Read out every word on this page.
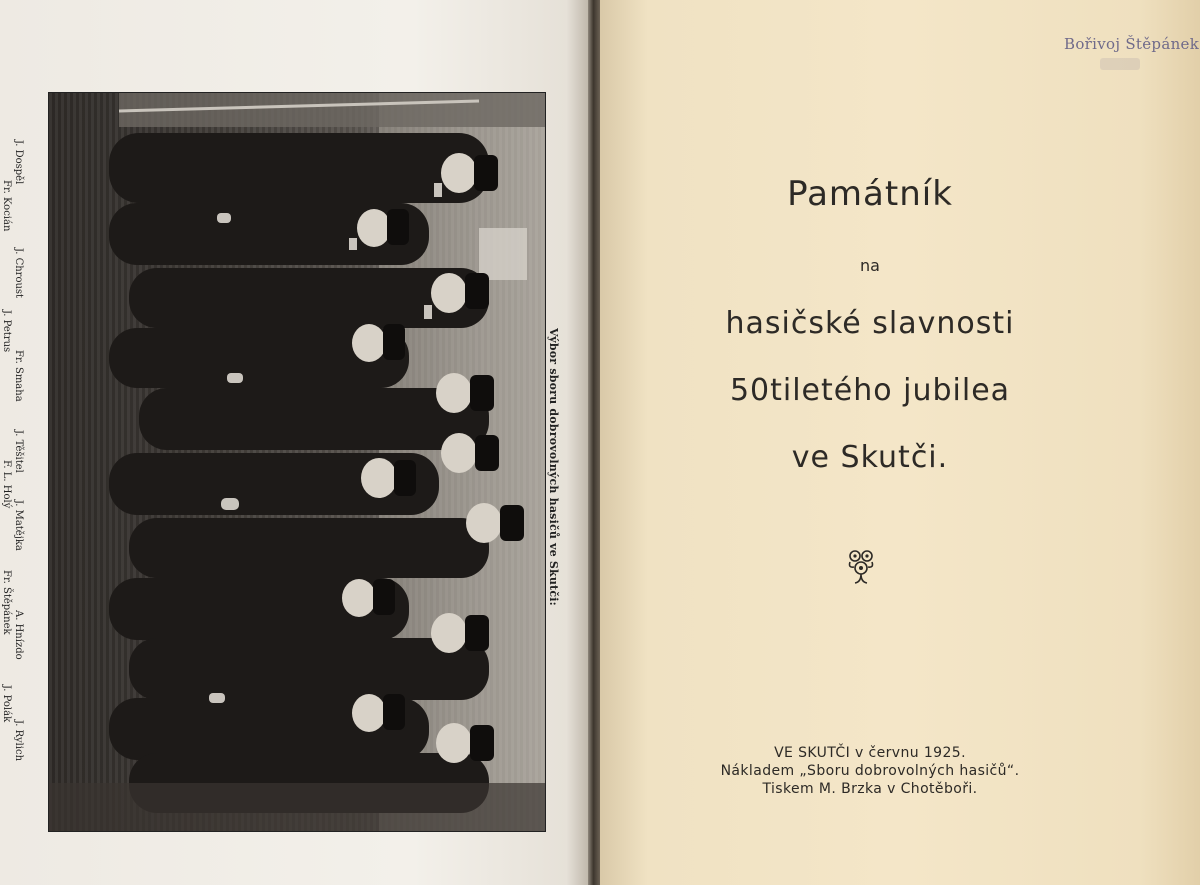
J. Dospěl
J. Chroust
Fr. Smaha
J. Těšitel
J. Matějka
A. Hnízdo
J. Rylich
Fr. Kocián
J. Petrus
F. L. Holý
Fr. Štěpánek
J. Polák
Výbor sboru dobrovolných hasičů ve Skutči:
Bořivoj Štěpánek
Památník
na
hasičské slavnosti
50tiletého jubilea
ve Skutči.
VE SKUTČI v červnu 1925.
Nákladem „Sboru dobrovolných hasičů“.
Tiskem M. Brzka v Chotěboři.
